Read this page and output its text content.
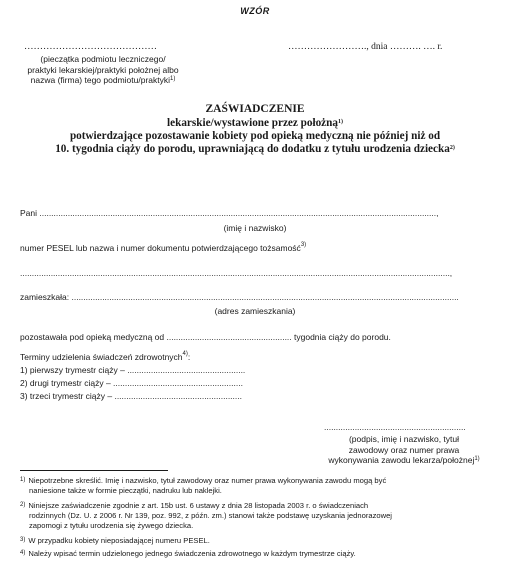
WZÓR
……………………………………
(pieczątka podmiotu leczniczego/
praktyki lekarskiej/praktyki położnej albo
nazwa (firma) tego podmiotu/praktyki$^{1)}$
……………………., dnia ………. …. r.
ZAŚWIADCZENIE
lekarskie/wystawione przez położną$^{1)}$
potwierdzające pozostawanie kobiety pod opieką medyczną nie później niż od
10. tygodnia ciąży do porodu, uprawniającą do dodatku z tytułu urodzenia dziecka$^{2)}$
Pani ........................................................................................................................................................................,
(imię i nazwisko)
numer PESEL lub nazwa i numer dokumentu potwierdzającego tożsamość$^{3)}$
......................................................................................................................................................................................,
zamieszkała: ....................................................................................................................................................................
(adres zamieszkania)
pozostawała pod opieką medyczną od ..................................................... tygodnia ciąży do porodu.
Terminy udzielenia świadczeń zdrowotnych$^{4)}$:
1) pierwszy trymestr ciąży – ..................................................
2) drugi trymestr ciąży – .......................................................
3) trzeci trymestr ciąży – ......................................................
............................................................
(podpis, imię i nazwisko, tytuł
zawodowy oraz numer prawa
wykonywania zawodu lekarza/położnej$^{1)}$
$^{1)}$ Niepotrzebne skreślić. Imię i nazwisko, tytuł zawodowy oraz numer prawa wykonywania zawodu mogą być
naniesione także w formie pieczątki, nadruku lub naklejki.
$^{2)}$ Niniejsze zaświadczenie zgodnie z art. 15b ust. 6 ustawy z dnia 28 listopada 2003 r. o świadczeniach
rodzinnych (Dz. U. z 2006 r. Nr 139, poz. 992, z późn. zm.) stanowi także podstawę uzyskania jednorazowej
zapomogi z tytułu urodzenia się żywego dziecka.
$^{3)}$ W przypadku kobiety nieposiadającej numeru PESEL.
$^{4)}$ Należy wpisać termin udzielonego jednego świadczenia zdrowotnego w każdym trymestrze ciąży.
